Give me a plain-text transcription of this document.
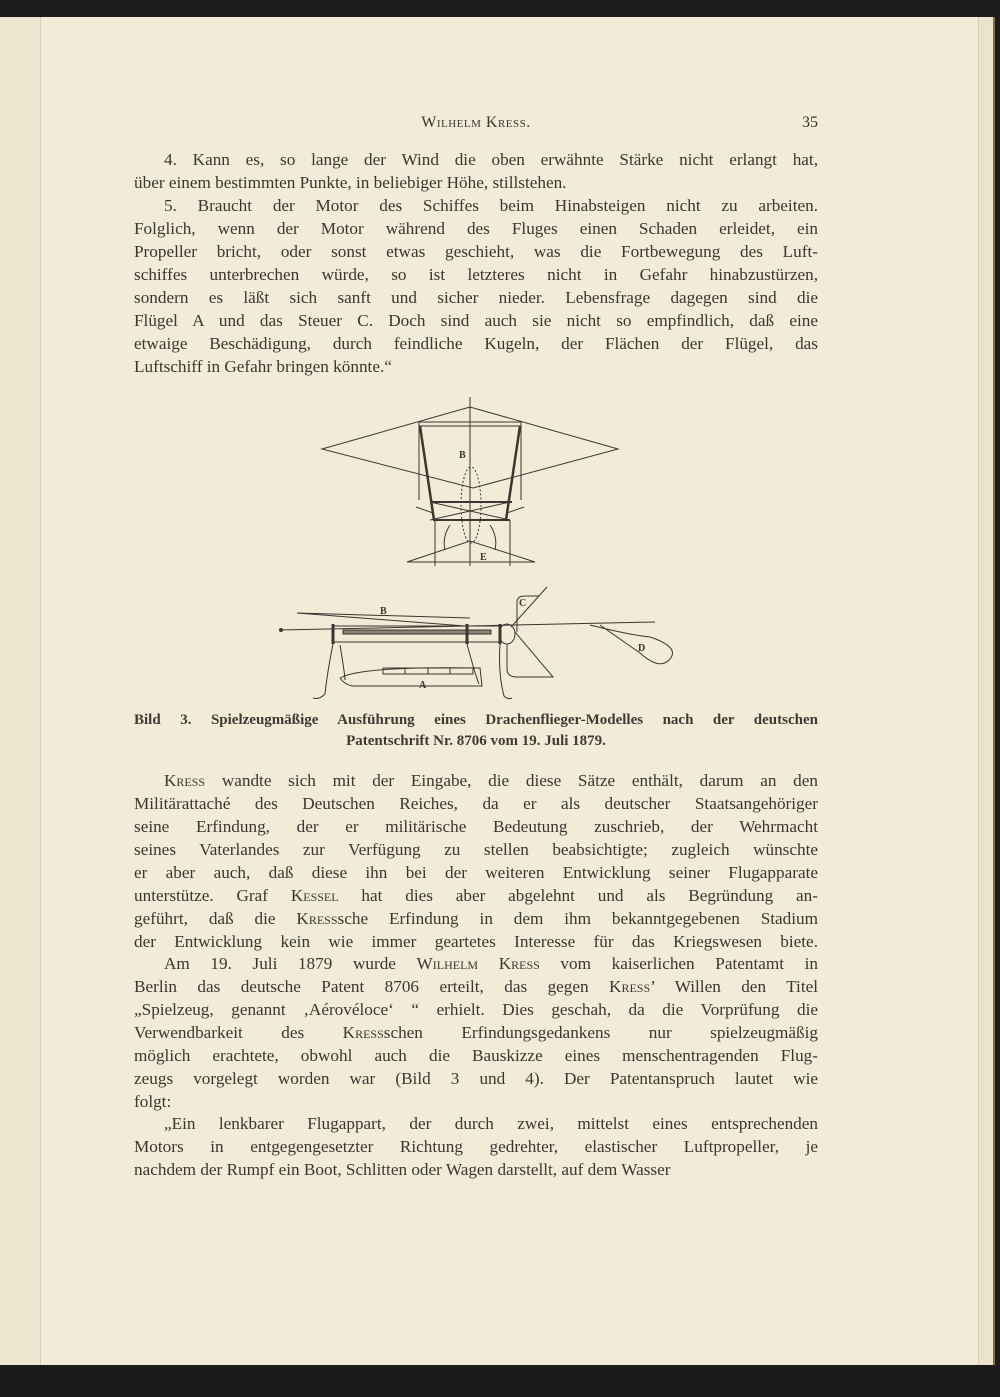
Wilhelm Kress.	35
4. Kann es, so lange der Wind die oben erwähnte Stärke nicht erlangt hat,
über einem bestimmten Punkte, in beliebiger Höhe, stillstehen.
5. Braucht der Motor des Schiffes beim Hinabsteigen nicht zu arbeiten.
Folglich, wenn der Motor während des Fluges einen Schaden erleidet, ein
Propeller bricht, oder sonst etwas geschieht, was die Fortbewegung des Luft-
schiffes unterbrechen würde, so ist letzteres nicht in Gefahr hinabzustürzen,
sondern es läßt sich sanft und sicher nieder. Lebensfrage dagegen sind die
Flügel A und das Steuer C. Doch sind auch sie nicht so empfindlich, daß eine
etwaige Beschädigung, durch feindliche Kugeln, der Flächen der Flügel, das
Luftschiff in Gefahr bringen könnte.“
B
E
C
B
D
A
Bild 3. Spielzeugmäßige Ausführung eines Drachenflieger-Modelles nach der deutschen
Patentschrift Nr. 8706 vom 19. Juli 1879.
Kress wandte sich mit der Eingabe, die diese Sätze enthält, darum an den
Militärattaché des Deutschen Reiches, da er als deutscher Staatsangehöriger
seine Erfindung, der er militärische Bedeutung zuschrieb, der Wehrmacht
seines Vaterlandes zur Verfügung zu stellen beabsichtigte; zugleich wünschte
er aber auch, daß diese ihn bei der weiteren Entwicklung seiner Flugapparate
unterstütze. Graf Kessel hat dies aber abgelehnt und als Begründung an-
geführt, daß die Kresssche Erfindung in dem ihm bekanntgegebenen Stadium
der Entwicklung kein wie immer geartetes Interesse für das Kriegswesen biete.
Am 19. Juli 1879 wurde Wilhelm Kress vom kaiserlichen Patentamt in
Berlin das deutsche Patent 8706 erteilt, das gegen Kress’ Willen den Titel
„Spielzeug, genannt ‚Aérovéloce‘ “ erhielt. Dies geschah, da die Vorprüfung die
Verwendbarkeit des Kressschen Erfindungsgedankens nur spielzeugmäßig
möglich erachtete, obwohl auch die Bauskizze eines menschentragenden Flug-
zeugs vorgelegt worden war (Bild 3 und 4). Der Patentanspruch lautet wie
folgt:
„Ein lenkbarer Flugappart, der durch zwei, mittelst eines entsprechenden
Motors in entgegengesetzter Richtung gedrehter, elastischer Luftpropeller, je
nachdem der Rumpf ein Boot, Schlitten oder Wagen darstellt, auf dem Wasser
